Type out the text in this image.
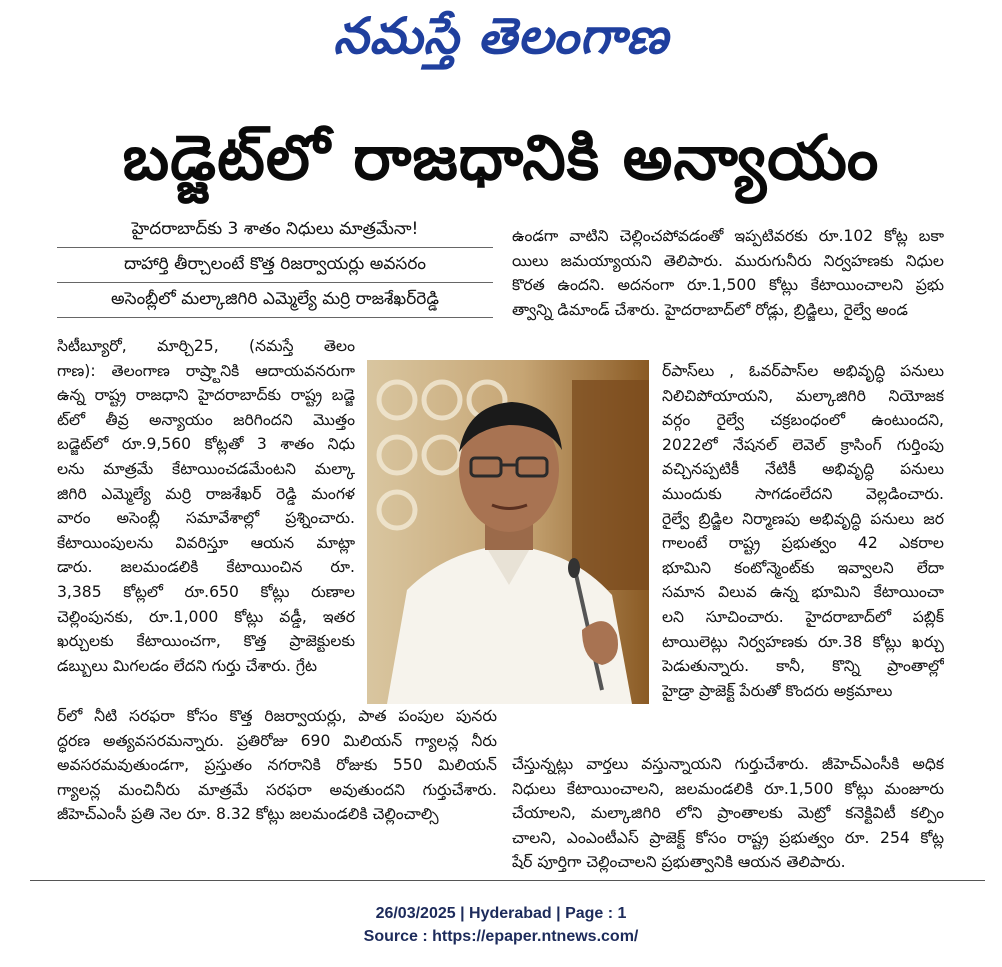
నమస్తే తెలంగాణ
బడ్జెట్‌లో రాజధానికి అన్యాయం
హైదరాబాద్‌కు 3 శాతం నిధులు మాత్రమేనా!
దాహార్తి తీర్చాలంటే కొత్త రిజర్వాయర్లు అవసరం
అసెంబ్లీలో మల్కాజిగిరి ఎమ్మెల్యే మర్రి రాజశేఖర్‌రెడ్డి
సిటీబ్యూరో, మార్చి25, (నమస్తే తెలం
గాణ): తెలంగాణ రాష్ర్టానికి ఆదాయవనరుగా
ఉన్న రాష్ట్ర రాజధాని హైదరాబాద్‌కు రాష్ట్ర బడ్జె
ట్‌లో తీవ్ర అన్యాయం జరిగిందని మొత్తం
బడ్జెట్‌లో రూ.9,560 కోట్లతో 3 శాతం నిధు
లను మాత్రమే కేటాయించడమేంటని మల్కా
జిగిరి ఎమ్మెల్యే మర్రి రాజశేఖర్ రెడ్డి మంగళ
వారం అసెంబ్లీ సమావేశాల్లో ప్రశ్నించారు.
కేటాయింపులను వివరిస్తూ ఆయన మాట్లా
డారు. జలమండలికి కేటాయించిన రూ.
3,385 కోట్లలో రూ.650 కోట్లు రుణాల
చెల్లింపునకు, రూ.1,000 కోట్లు వడ్డీ, ఇతర
ఖర్చులకు కేటాయించగా, కొత్త ప్రాజెక్టులకు
డబ్బులు మిగలడం లేదని గుర్తు చేశారు. గ్రేట
ర్‌లో నీటి సరఫరా కోసం కొత్త రిజర్వాయర్లు, పాత పంపుల పునరు
ద్ధరణ అత్యవసరమన్నారు. ప్రతిరోజు 690 మిలియన్ గ్యాలన్ల నీరు
అవసరమవుతుండగా, ప్రస్తుతం నగరానికి రోజుకు 550 మిలియన్
గ్యాలన్ల మంచినీరు మాత్రమే సరఫరా అవుతుందని గుర్తుచేశారు.
జీహెచ్ఎంసీ ప్రతి నెల రూ. 8.32 కోట్లు జలమండలికి చెల్లించాల్సి
ఉండగా వాటిని చెల్లించపోవడంతో ఇప్పటివరకు రూ.102 కోట్ల బకా
యిలు జమయ్యాయని తెలిపారు. మురుగునీరు నిర్వహణకు నిధుల
కొరత ఉందని. అదనంగా రూ.1,500 కోట్లు కేటాయించాలని ప్రభు
త్వాన్ని డిమాండ్ చేశారు. హైదరాబాద్‌లో రోడ్లు, బ్రిడ్జిలు, రైల్వే అండ
ర్‌పాస్‌లు , ఓవర్‌పాస్‌ల అభివృద్ధి పనులు
నిలిచిపోయాయని, మల్కాజిగిరి నియోజక
వర్గం రైల్వే చక్రబంధంలో ఉంటుందని,
2022లో నేషనల్ లెవెల్ క్రాసింగ్ గుర్తింపు
వచ్చినప్పటికీ నేటికీ అభివృద్ధి పనులు
ముందుకు సాగడంలేదని వెల్లడించారు.
రైల్వే బ్రిడ్జిల నిర్మాణపు అభివృద్ధి పనులు జర
గాలంటే రాష్ట్ర ప్రభుత్వం 42 ఎకరాల
భూమిని కంటోన్మెంట్‌కు ఇవ్వాలని లేదా
సమాన విలువ ఉన్న భూమిని కేటాయించా
లని సూచించారు. హైదరాబాద్‌లో పబ్లిక్
టాయిలెట్లు నిర్వహణకు రూ.38 కోట్లు ఖర్చు
పెడుతున్నారు. కానీ, కొన్ని ప్రాంతాల్లో
హైడ్రా ప్రాజెక్ట్ పేరుతో కొందరు అక్రమాలు
చేస్తున్నట్లు వార్తలు వస్తున్నాయని గుర్తుచేశారు. జీహెచ్ఎంసీకి అధిక
నిధులు కేటాయించాలని, జలమండలికి రూ.1,500 కోట్లు మంజూరు
చేయాలని, మల్కాజిగిరి లోని ప్రాంతాలకు మెట్రో కనెక్టివిటీ కల్పిం
చాలని, ఎంఎంటీఎస్ ప్రాజెక్ట్ కోసం రాష్ట్ర ప్రభుత్వం రూ. 254 కోట్ల
షేర్ పూర్తిగా చెల్లించాలని ప్రభుత్వానికి ఆయన తెలిపారు.
26/03/2025 | Hyderabad | Page : 1
Source : https://epaper.ntnews.com/
